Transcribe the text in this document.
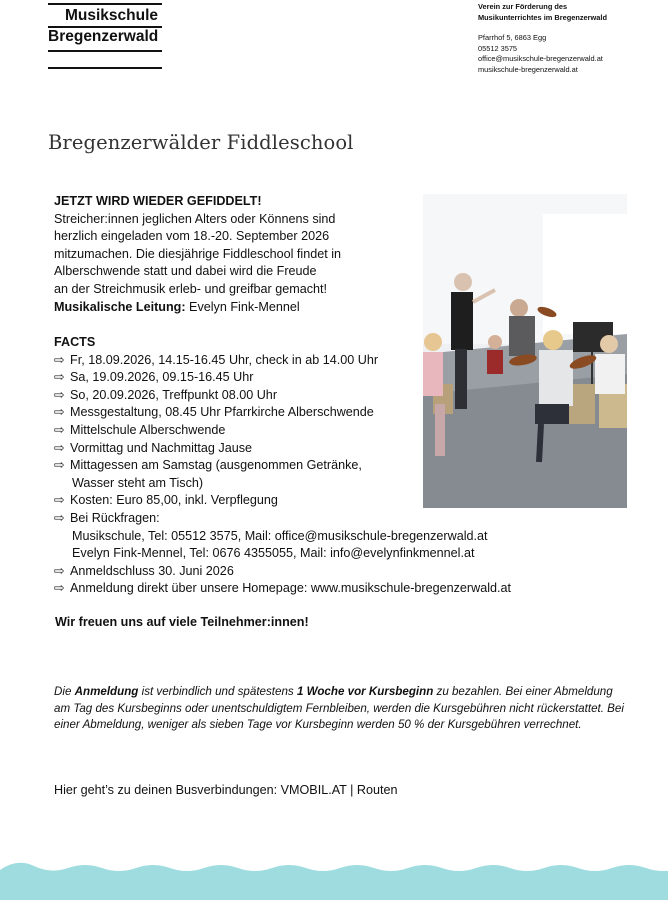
Musikschule
Bregenzerwald
Verein zur Förderung des
Musikunterrichtes im Bregenzerwald
Pfarrhof 5, 6863 Egg
05512 3575
office@musikschule-bregenzerwald.at
musikschule-bregenzerwald.at
Bregenzerwälder Fiddleschool
JETZT WIRD WIEDER GEFIDDELT!
Streicher:innen jeglichen Alters oder Könnens sind
herzlich eingeladen vom 18.-20. September 2026
mitzumachen. Die diesjährige Fiddleschool findet in
Alberschwende statt und dabei wird die Freude
an der Streichmusik erleb- und greifbar gemacht!
Musikalische Leitung: Evelyn Fink-Mennel
FACTS
⇨ Fr, 18.09.2026, 14.15-16.45 Uhr, check in ab 14.00 Uhr
⇨ Sa, 19.09.2026, 09.15-16.45 Uhr
⇨ So, 20.09.2026, Treffpunkt 08.00 Uhr
⇨ Messgestaltung, 08.45 Uhr Pfarrkirche Alberschwende
⇨ Mittelschule Alberschwende
⇨ Vormittag und Nachmittag Jause
⇨ Mittagessen am Samstag (ausgenommen Getränke,
Wasser steht am Tisch)
⇨ Kosten: Euro 85,00, inkl. Verpflegung
⇨ Bei Rückfragen:
Musikschule, Tel: 05512 3575, Mail: office@musikschule-bregenzerwald.at
Evelyn Fink-Mennel, Tel: 0676 4355055, Mail: info@evelynfinkmennel.at
⇨ Anmeldschluss 30. Juni 2026
⇨ Anmeldung direkt über unsere Homepage: www.musikschule-bregenzerwald.at
Wir freuen uns auf viele Teilnehmer:innen!
Die Anmeldung ist verbindlich und spätestens 1 Woche vor Kursbeginn zu bezahlen. Bei einer Abmeldung am Tag des Kursbeginns oder unentschuldigtem Fernbleiben, werden die Kursgebühren nicht rückerstattet. Bei einer Abmeldung, weniger als sieben Tage vor Kursbeginn werden 50 % der Kursgebühren verrechnet.
Hier geht’s zu deinen Busverbindungen: VMOBIL.AT | Routen
